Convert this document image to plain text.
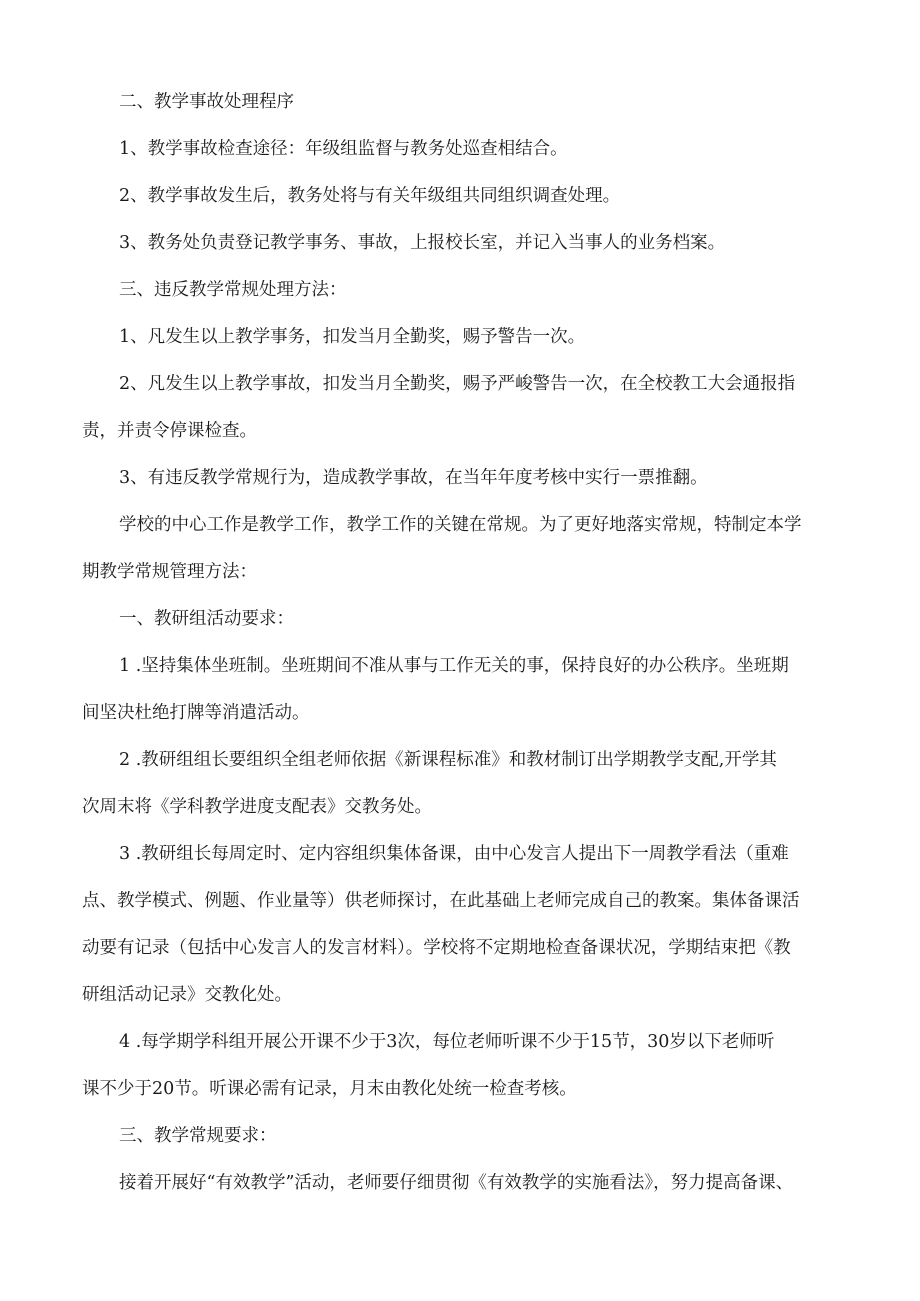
二、教学事故处理程序
1、教学事故检查途径：年级组监督与教务处巡查相结合。
2、教学事故发生后，教务处将与有关年级组共同组织调查处理。
3、教务处负责登记教学事务、事故，上报校长室，并记入当事人的业务档案。
三、违反教学常规处理方法：
1、凡发生以上教学事务，扣发当月全勤奖，赐予警告一次。
2、凡发生以上教学事故，扣发当月全勤奖，赐予严峻警告一次，在全校教工大会通报指
责，并责令停课检查。
3、有违反教学常规行为，造成教学事故，在当年年度考核中实行一票推翻。
学校的中心工作是教学工作，教学工作的关键在常规。为了更好地落实常规，特制定本学
期教学常规管理方法：
一、教研组活动要求：
1 .坚持集体坐班制。坐班期间不准从事与工作无关的事，保持良好的办公秩序。坐班期
间坚决杜绝打牌等消遣活动。
2 .教研组组长要组织全组老师依据《新课程标准》和教材制订出学期教学支配,开学其
次周末将《学科教学进度支配表》交教务处。
3 .教研组长每周定时、定内容组织集体备课，由中心发言人提出下一周教学看法（重难
点、教学模式、例题、作业量等）供老师探讨，在此基础上老师完成自己的教案。集体备课活
动要有记录（包括中心发言人的发言材料）。学校将不定期地检查备课状况，学期结束把《教
研组活动记录》交教化处。
4 .每学期学科组开展公开课不少于3次，每位老师听课不少于15节，30岁以下老师听
课不少于20节。听课必需有记录，月末由教化处统一检查考核。
三、教学常规要求：
接着开展好“有效教学”活动，老师要仔细贯彻《有效教学的实施看法》，努力提高备课、
